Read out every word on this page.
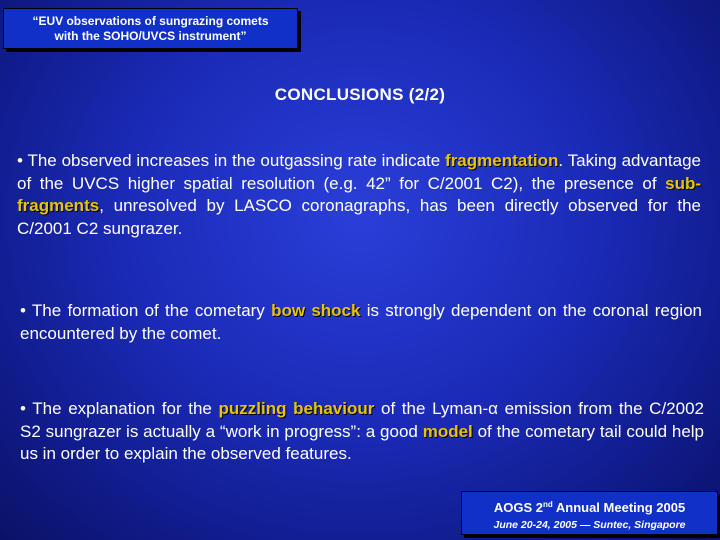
“EUV observations of sungrazing comets
with the SOHO/UVCS instrument”
CONCLUSIONS (2/2)
• The observed increases in the outgassing rate indicate fragmentation. Taking advantage of the UVCS higher spatial resolution (e.g. 42” for C/2001 C2), the presence of sub-fragments, unresolved by LASCO coronagraphs, has been directly observed for the C/2001 C2 sungrazer.
• The formation of the cometary bow shock is strongly dependent on the coronal region encountered by the comet.
• The explanation for the puzzling behaviour of the Lyman-α emission from the C/2002 S2 sungrazer is actually a “work in progress”: a good model of the cometary tail could help us in order to explain the observed features.
AOGS 2nd Annual Meeting 2005
June 20-24, 2005 — Suntec, Singapore
